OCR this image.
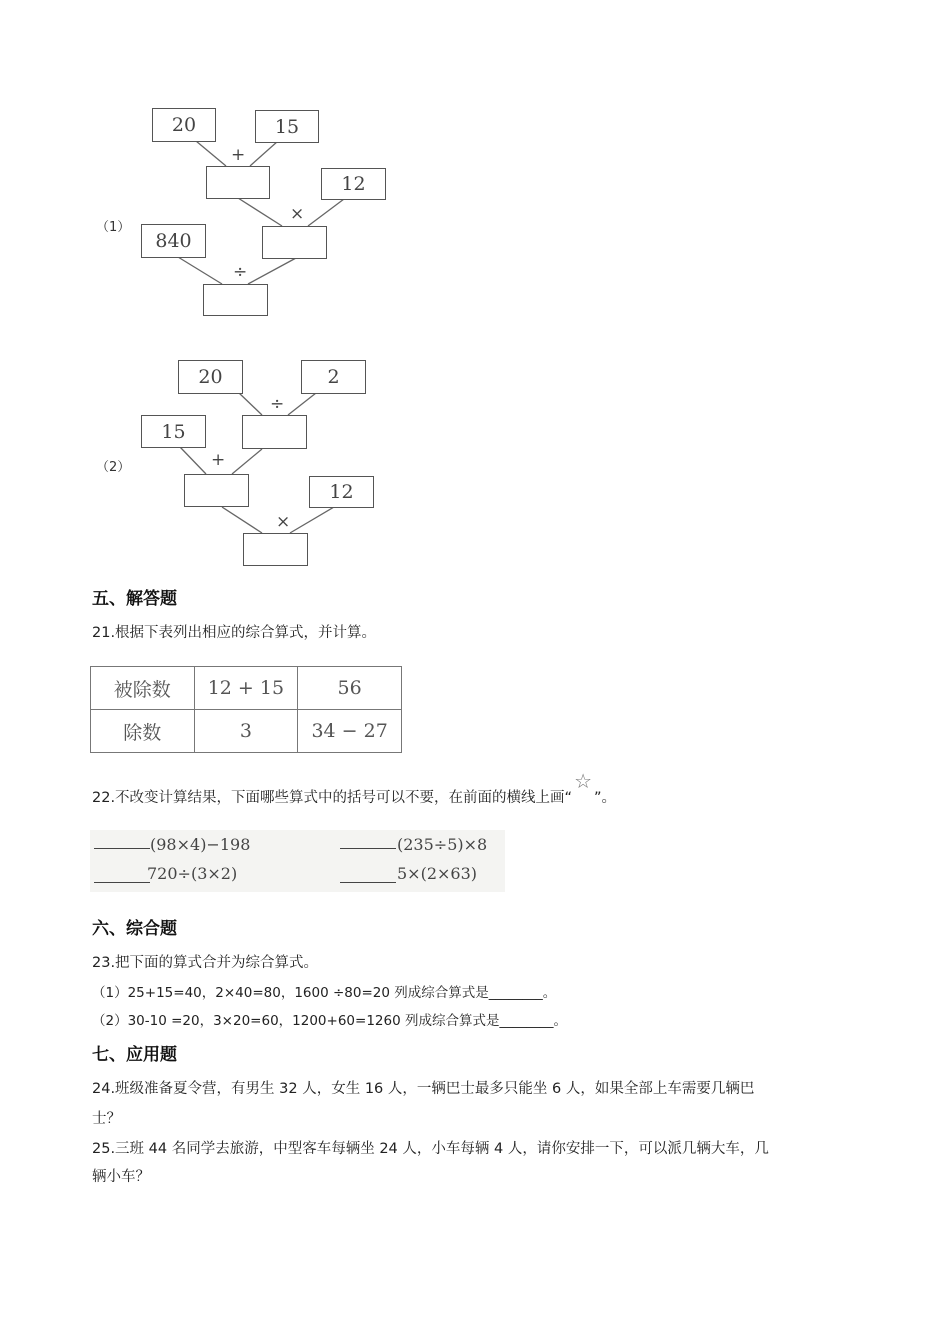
（1）
20	15
+
12
×
840
÷
（2）
20	2
÷
15
+
12
×
五、解答题
21.根据下表列出相应的综合算式，并计算。
被除数	12 + 15	56
除数	3	34 − 27
22.不改变计算结果，下面哪些算式中的括号可以不要，在前面的横线上画“☆”。
(98×4)−198	(235÷5)×8
720÷(3×2)	5×(2×63)
六、综合题
23.把下面的算式合并为综合算式。
（1）25+15=40，2×40=80，1600 ÷80=20 列成综合算式是________。
（2）30-10 =20，3×20=60，1200+60=1260 列成综合算式是________。
七、应用题
24.班级准备夏令营，有男生 32 人，女生 16 人，一辆巴士最多只能坐 6 人，如果全部上车需要几辆巴
士？
25.三班 44 名同学去旅游，中型客车每辆坐 24 人，小车每辆 4 人，请你安排一下，可以派几辆大车，几
辆小车？
